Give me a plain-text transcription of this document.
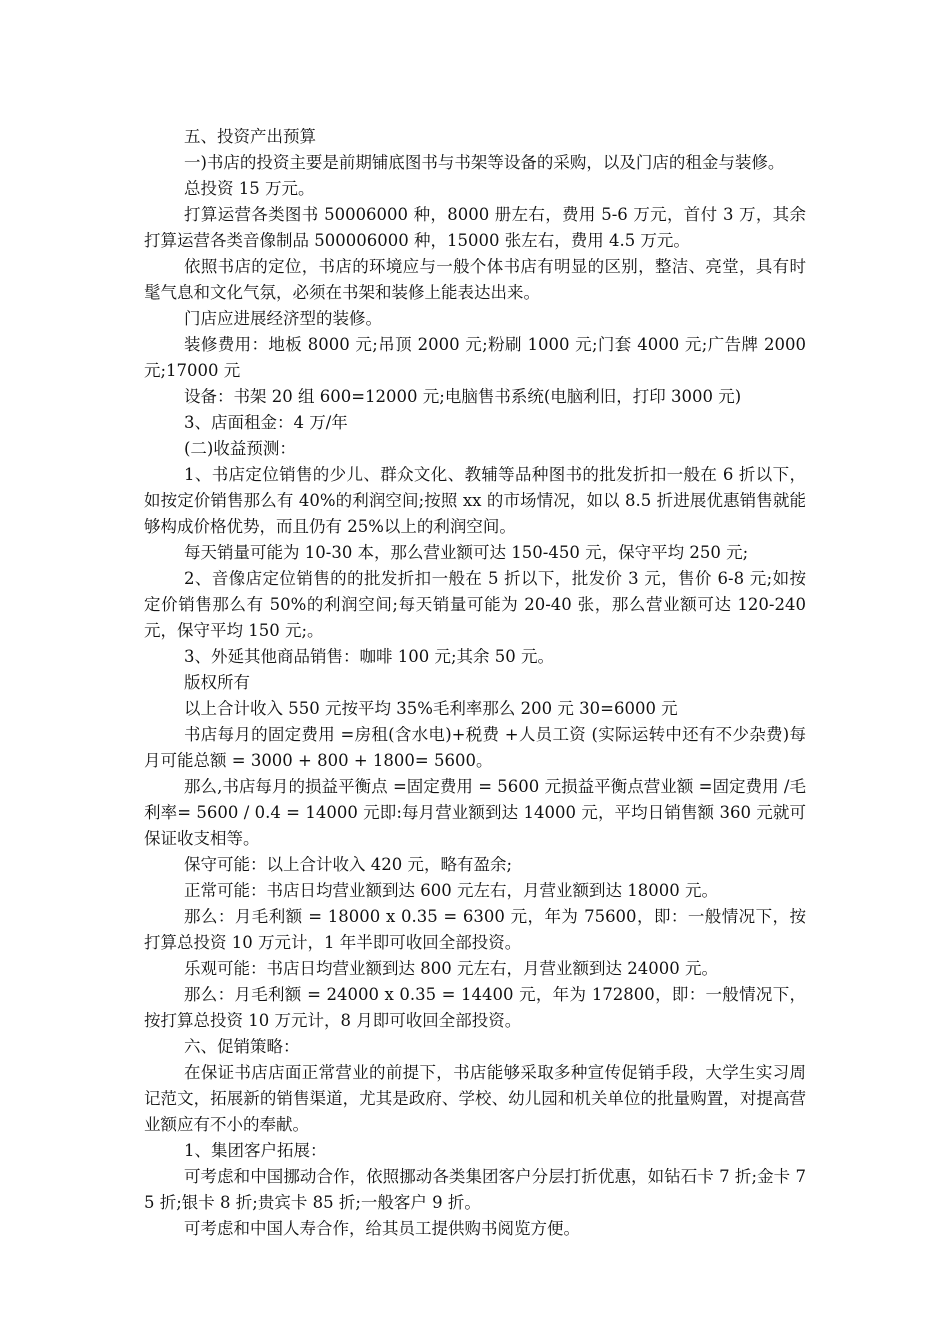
五、投资产出预算

一)书店的投资主要是前期铺底图书与书架等设备的采购，以及门店的租金与装修。

总投资 15 万元。

打算运营各类图书 50006000 种，8000 册左右，费用 5-6 万元，首付 3 万，其余打算运营各类音像制品 500006000 种，15000 张左右，费用 4.5 万元。

依照书店的定位，书店的环境应与一般个体书店有明显的区别，整洁、亮堂，具有时髦气息和文化气氛，必须在书架和装修上能表达出来。

门店应进展经济型的装修。

装修费用：地板 8000 元;吊顶 2000 元;粉刷 1000 元;门套 4000 元;广告牌 2000 元;17000 元

设备：书架 20 组 600=12000 元;电脑售书系统(电脑利旧，打印 3000 元)

3、店面租金：4 万/年

(二)收益预测：

1、书店定位销售的少儿、群众文化、教辅等品种图书的批发折扣一般在 6 折以下，如按定价销售那么有 40%的利润空间;按照 xx 的市场情况，如以 8.5 折进展优惠销售就能够构成价格优势，而且仍有 25%以上的利润空间。

每天销量可能为 10-30 本，那么营业额可达 150-450 元，保守平均 250 元;

2、音像店定位销售的的批发折扣一般在 5 折以下，批发价 3 元，售价 6-8 元;如按定价销售那么有 50%的利润空间;每天销量可能为 20-40 张，那么营业额可达 120-240 元，保守平均 150 元;。

3、外延其他商品销售：咖啡 100 元;其余 50 元。

版权所有

以上合计收入 550 元按平均 35%毛利率那么 200 元 30=6000 元

书店每月的固定费用 =房租(含水电)+税费 +人员工资 (实际运转中还有不少杂费)每月可能总额 = 3000 + 800 + 1800= 5600。

那么,书店每月的损益平衡点 =固定费用 = 5600 元损益平衡点营业额 =固定费用 /毛利率= 5600 / 0.4 = 14000 元即:每月营业额到达 14000 元，平均日销售额 360 元就可保证收支相等。

保守可能：以上合计收入 420 元，略有盈余;

正常可能：书店日均营业额到达 600 元左右，月营业额到达 18000 元。

那么：月毛利额 = 18000 x 0.35 = 6300 元，年为 75600，即：一般情况下，按打算总投资 10 万元计，1 年半即可收回全部投资。

乐观可能：书店日均营业额到达 800 元左右，月营业额到达 24000 元。

那么：月毛利额 = 24000 x 0.35 = 14400 元，年为 172800，即：一般情况下，按打算总投资 10 万元计，8 月即可收回全部投资。

六、促销策略：

在保证书店店面正常营业的前提下，书店能够采取多种宣传促销手段，大学生实习周记范文，拓展新的销售渠道，尤其是政府、学校、幼儿园和机关单位的批量购置，对提高营业额应有不小的奉献。

1、集团客户拓展：

可考虑和中国挪动合作，依照挪动各类集团客户分层打折优惠，如钻石卡 7 折;金卡 75 折;银卡 8 折;贵宾卡 85 折;一般客户 9 折。

可考虑和中国人寿合作，给其员工提供购书阅览方便。
